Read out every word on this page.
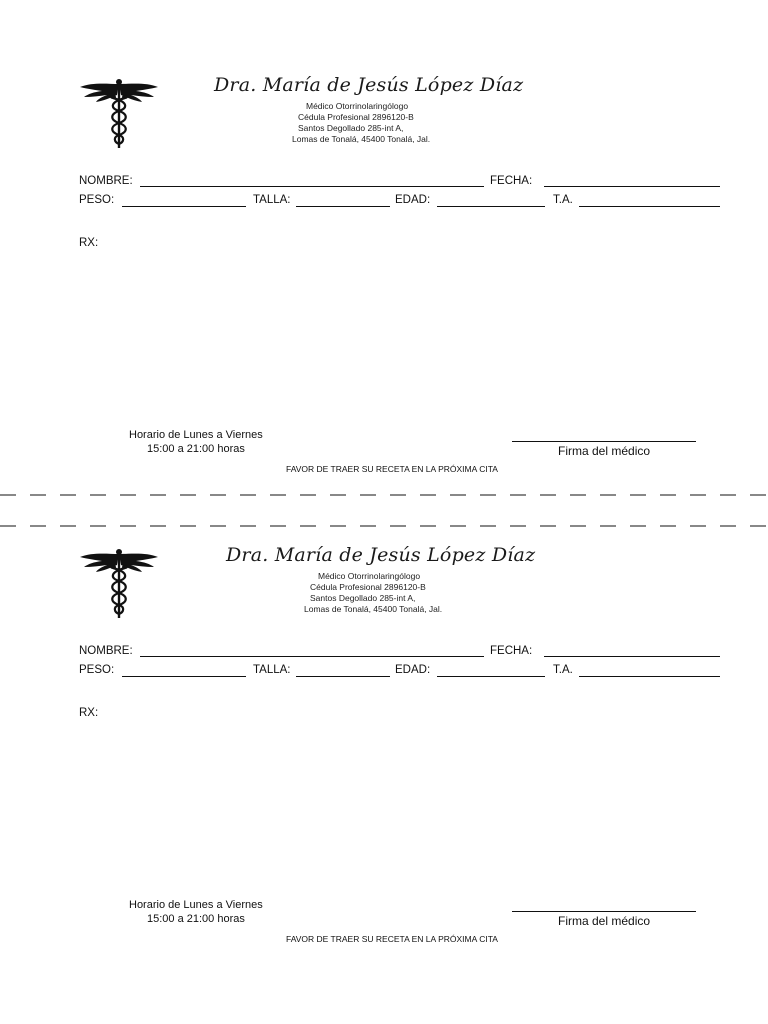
Dra. María de Jesús López Díaz
Médico Otorrinolaringólogo
Cédula Profesional 2896120-B
Santos Degollado 285-int A,
Lomas de Tonalá, 45400 Tonalá, Jal.
NOMBRE:	FECHA:
PESO:	TALLA:	EDAD:	T.A.
RX:
Horario de Lunes a Viernes
15:00 a 21:00 horas	Firma del médico
FAVOR DE TRAER SU RECETA EN LA PRÓXIMA CITA
Dra. María de Jesús López Díaz
Médico Otorrinolaringólogo
Cédula Profesional 2896120-B
Santos Degollado 285-int A,
Lomas de Tonalá, 45400 Tonalá, Jal.
NOMBRE:	FECHA:
PESO:	TALLA:	EDAD:	T.A.
RX:
Horario de Lunes a Viernes
15:00 a 21:00 horas	Firma del médico
FAVOR DE TRAER SU RECETA EN LA PRÓXIMA CITA
